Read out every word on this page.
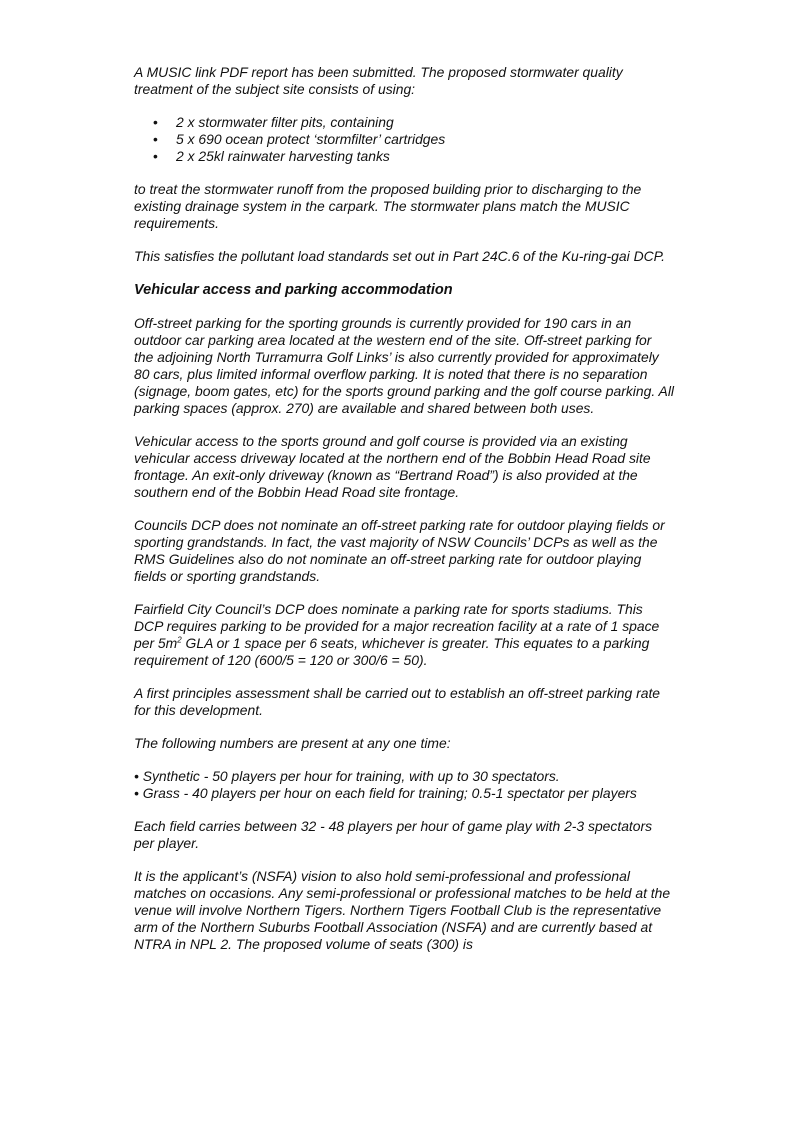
A MUSIC link PDF report has been submitted. The proposed stormwater quality treatment of the subject site consists of using:

• 2 x stormwater filter pits, containing
• 5 x 690 ocean protect ‘stormfilter’ cartridges
• 2 x 25kl rainwater harvesting tanks

to treat the stormwater runoff from the proposed building prior to discharging to the existing drainage system in the carpark. The stormwater plans match the MUSIC requirements.

This satisfies the pollutant load standards set out in Part 24C.6 of the Ku-ring-gai DCP.

Vehicular access and parking accommodation

Off-street parking for the sporting grounds is currently provided for 190 cars in an outdoor car parking area located at the western end of the site. Off-street parking for the adjoining North Turramurra Golf Links’ is also currently provided for approximately 80 cars, plus limited informal overflow parking. It is noted that there is no separation (signage, boom gates, etc) for the sports ground parking and the golf course parking. All parking spaces (approx. 270) are available and shared between both uses.

Vehicular access to the sports ground and golf course is provided via an existing vehicular access driveway located at the northern end of the Bobbin Head Road site frontage. An exit-only driveway (known as “Bertrand Road”) is also provided at the southern end of the Bobbin Head Road site frontage.

Councils DCP does not nominate an off-street parking rate for outdoor playing fields or sporting grandstands. In fact, the vast majority of NSW Councils’ DCPs as well as the RMS Guidelines also do not nominate an off-street parking rate for outdoor playing fields or sporting grandstands.

Fairfield City Council’s DCP does nominate a parking rate for sports stadiums. This DCP requires parking to be provided for a major recreation facility at a rate of 1 space per $5m^2$ GLA or 1 space per 6 seats, whichever is greater. This equates to a parking requirement of 120 (600/5 = 120 or 300/6 = 50).

A first principles assessment shall be carried out to establish an off-street parking rate for this development.

The following numbers are present at any one time:

• Synthetic - 50 players per hour for training, with up to 30 spectators.
• Grass - 40 players per hour on each field for training; 0.5-1 spectator per players

Each field carries between 32 - 48 players per hour of game play with 2-3 spectators per player.

It is the applicant’s (NSFA) vision to also hold semi-professional and professional matches on occasions. Any semi-professional or professional matches to be held at the venue will involve Northern Tigers. Northern Tigers Football Club is the representative arm of the Northern Suburbs Football Association (NSFA) and are currently based at NTRA in NPL 2. The proposed volume of seats (300) is
